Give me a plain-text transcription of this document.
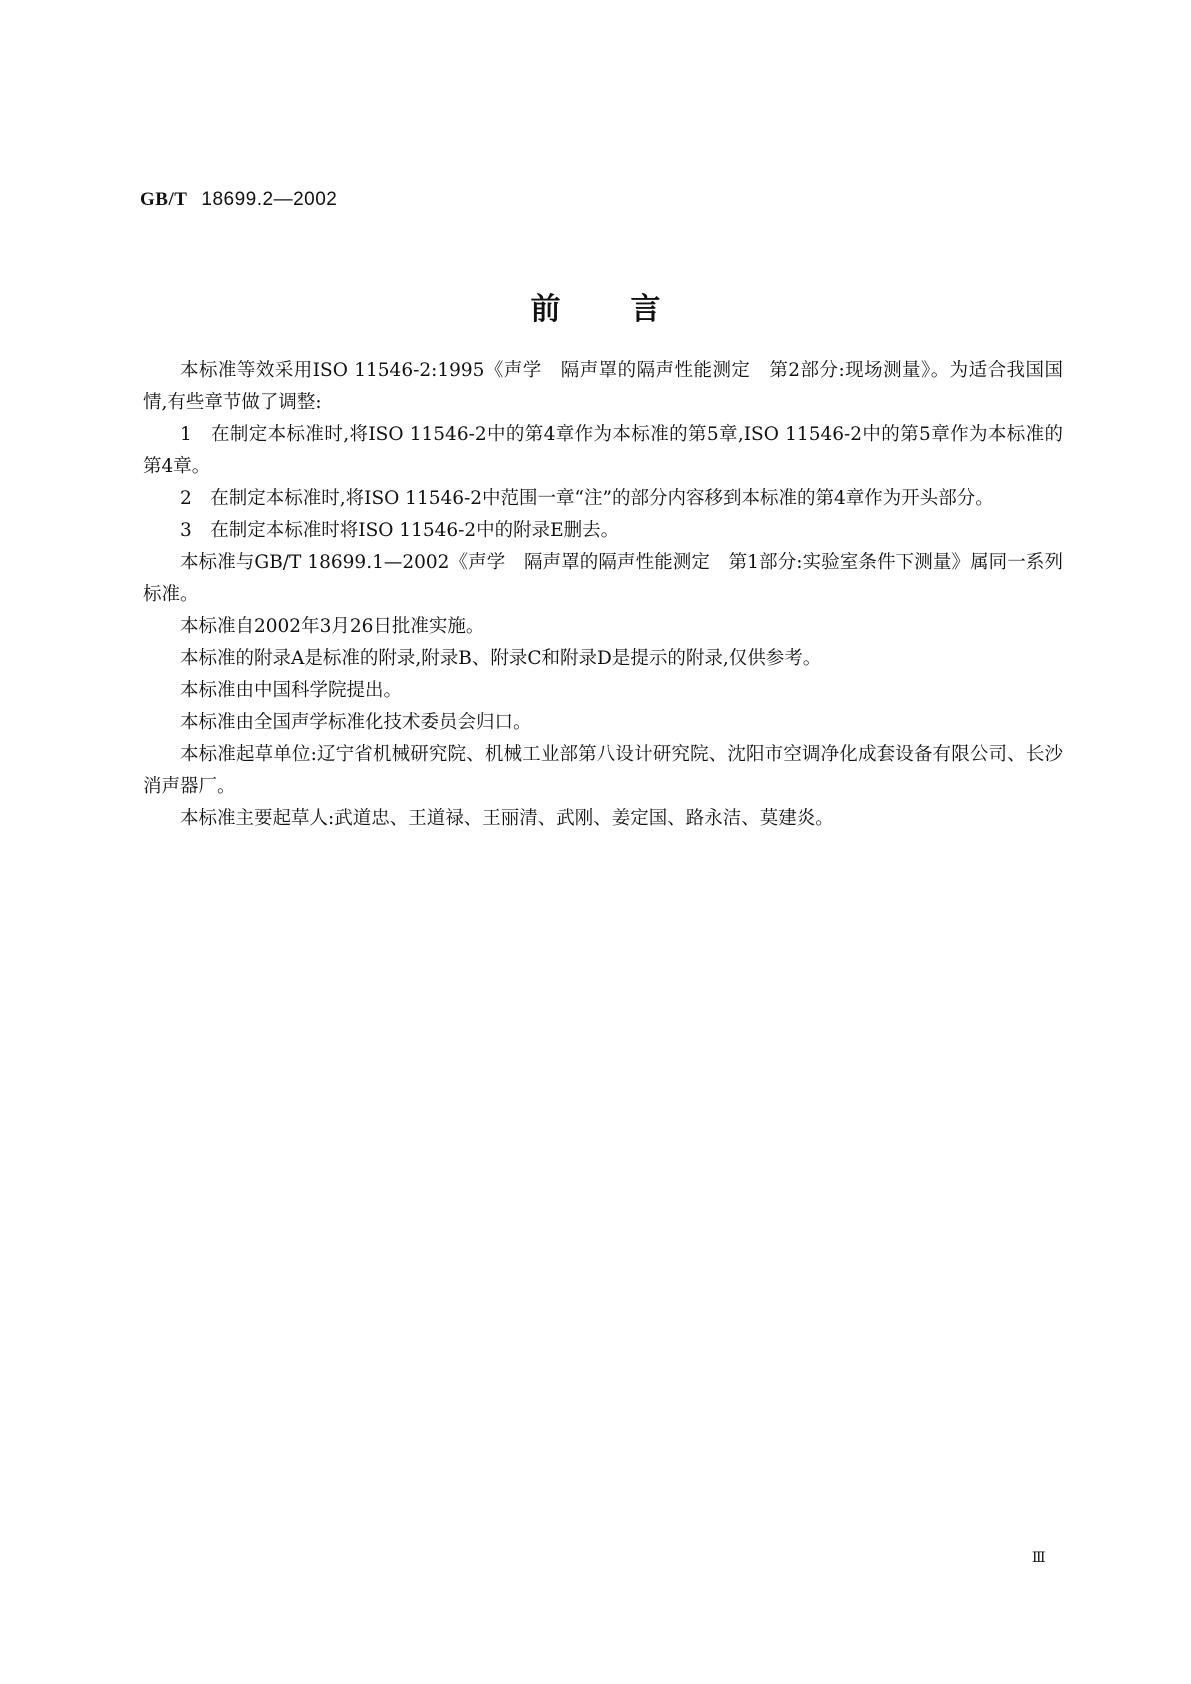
GB/T 18699.2—2002
前言

本标准等效采用ISO 11546-2:1995《声学　隔声罩的隔声性能测定　第2部分:现场测量》。为适合我国国情,有些章节做了调整:

1　在制定本标准时,将ISO 11546-2中的第4章作为本标准的第5章,ISO 11546-2中的第5章作为本标准的第4章。

2　在制定本标准时,将ISO 11546-2中范围一章“注”的部分内容移到本标准的第4章作为开头部分。

3　在制定本标准时将ISO 11546-2中的附录E删去。

本标准与GB/T 18699.1—2002《声学　隔声罩的隔声性能测定　第1部分:实验室条件下测量》属同一系列标准。

本标准自2002年3月26日批准实施。

本标准的附录A是标准的附录,附录B、附录C和附录D是提示的附录,仅供参考。

本标准由中国科学院提出。

本标准由全国声学标准化技术委员会归口。

本标准起草单位:辽宁省机械研究院、机械工业部第八设计研究院、沈阳市空调净化成套设备有限公司、长沙消声器厂。

本标准主要起草人:武道忠、王道禄、王丽清、武刚、姜定国、路永洁、莫建炎。

Ⅲ
